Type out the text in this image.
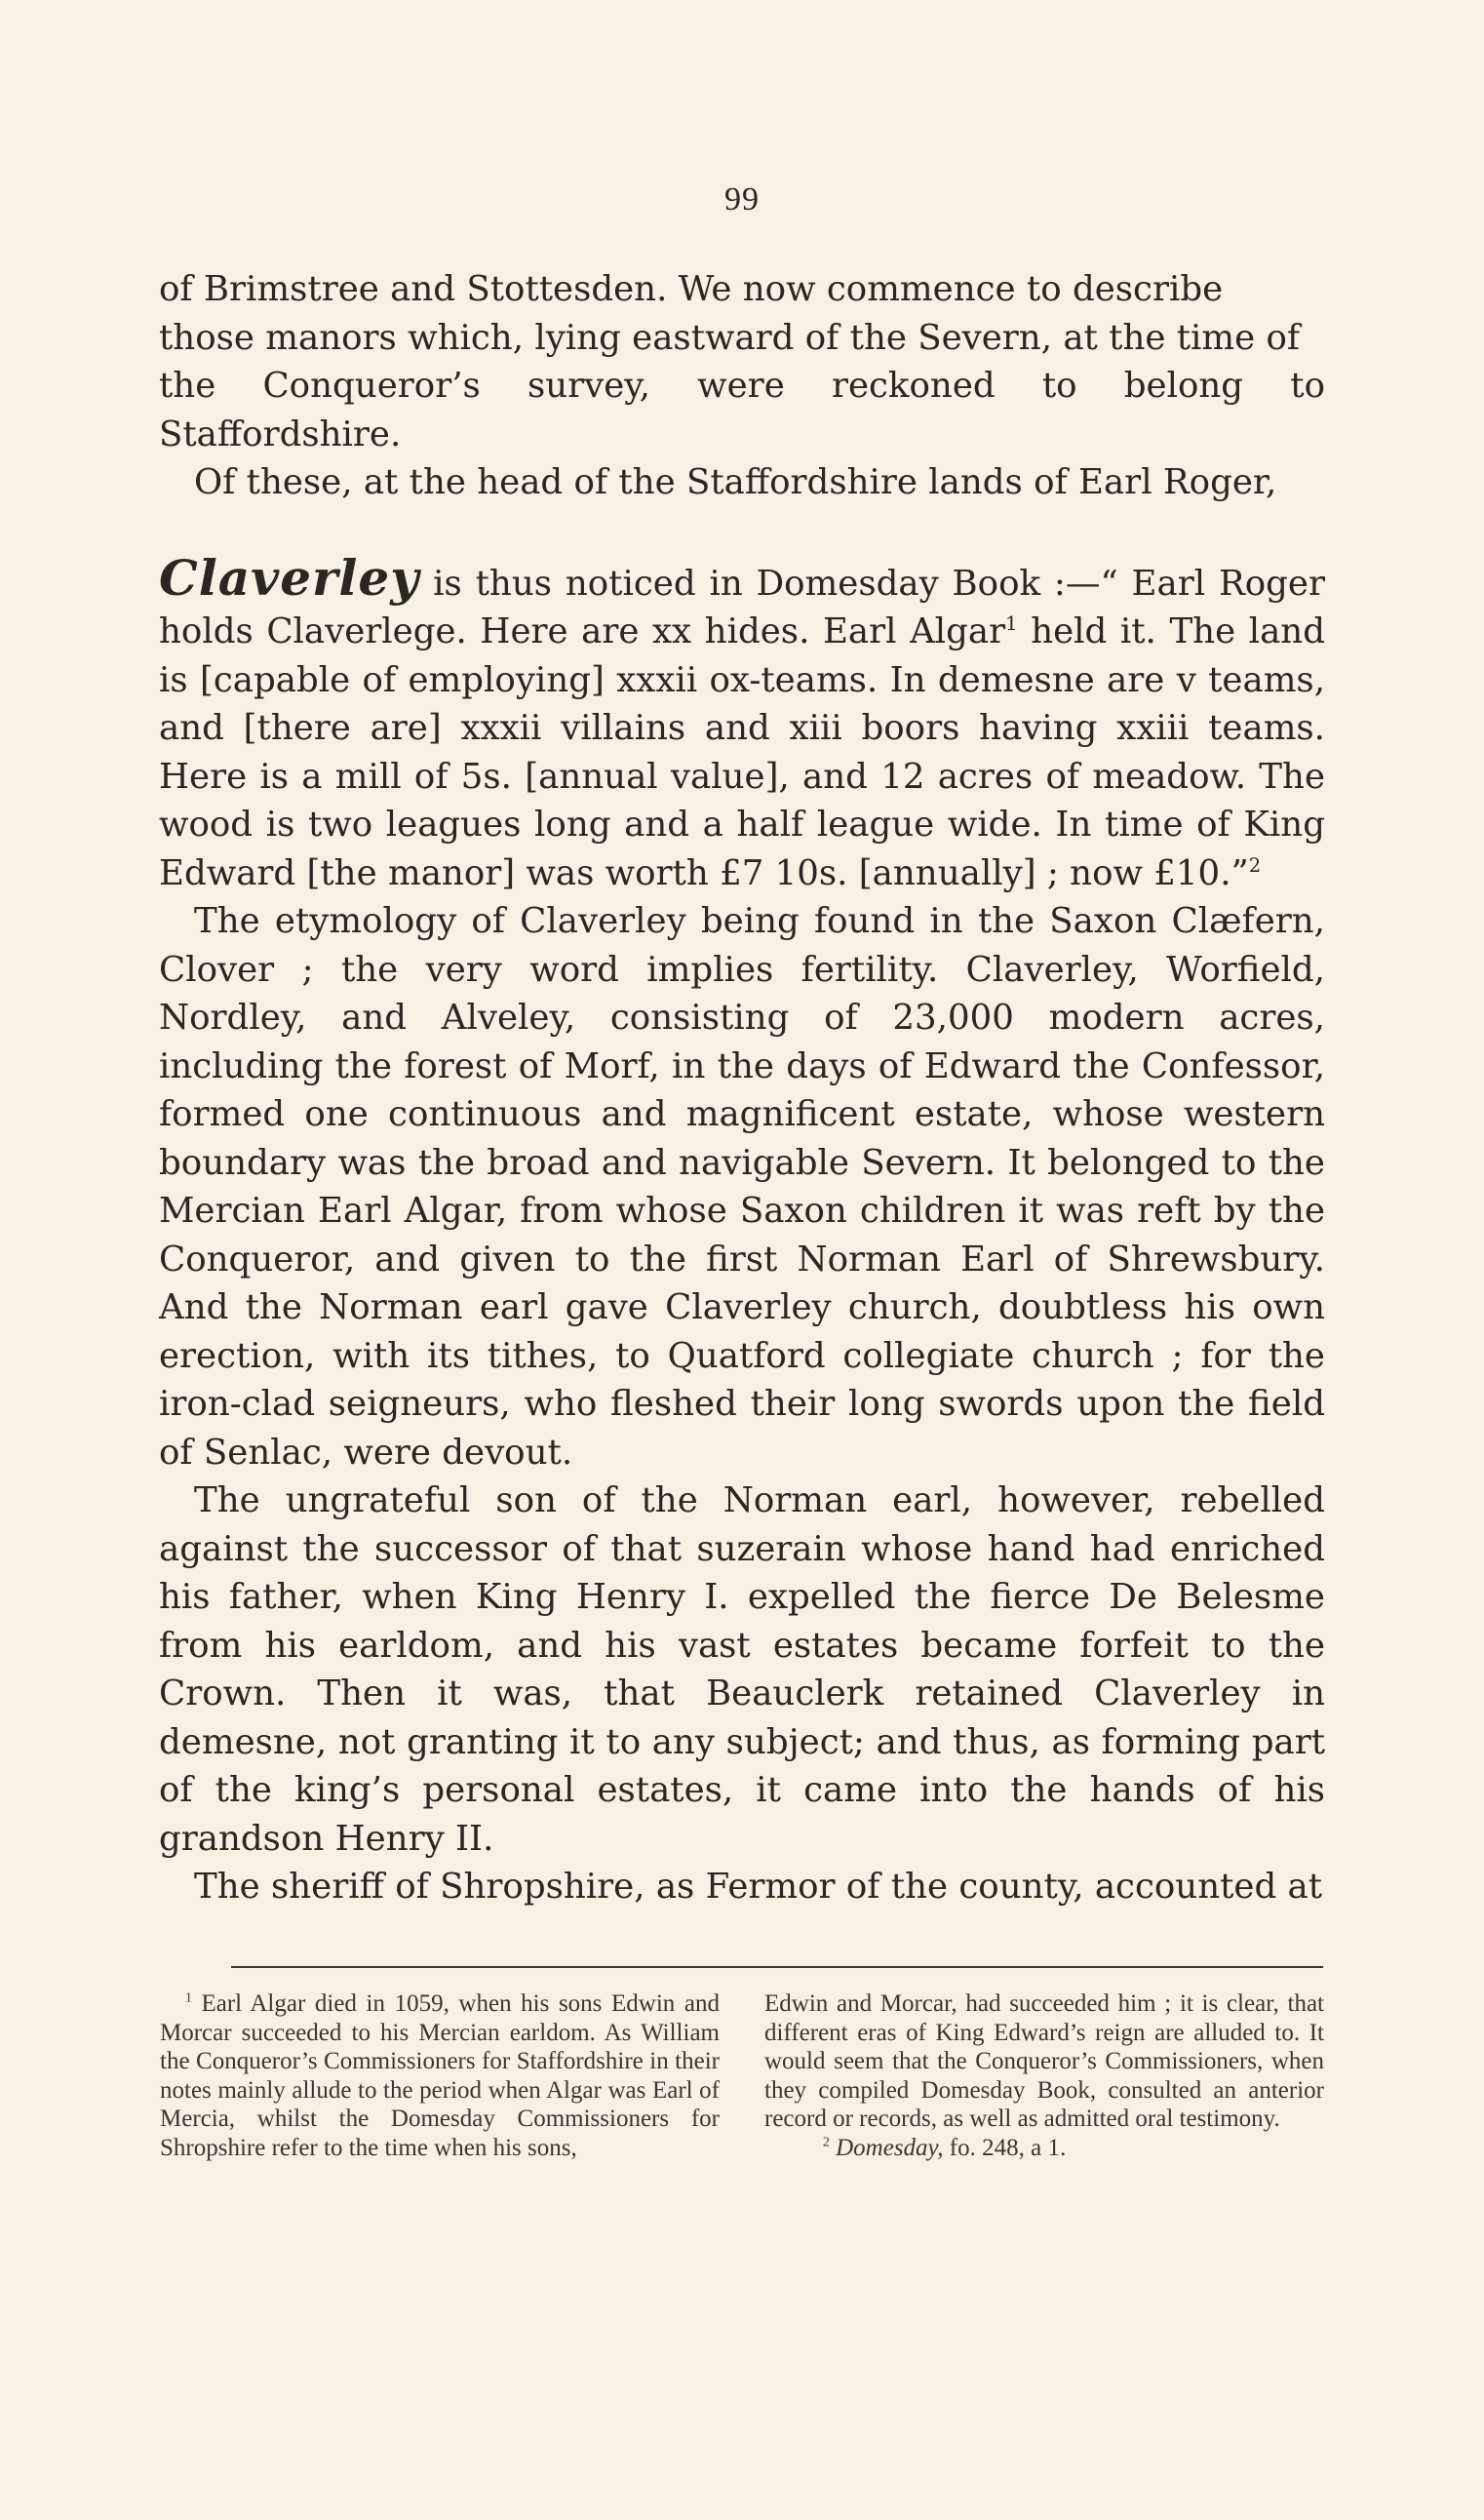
99

of Brimstree and Stottesden. We now commence to describe
those manors which, lying eastward of the Severn, at the time of
the Conqueror’s survey, were reckoned to belong to Staffordshire.

Of these, at the head of the Staffordshire lands of Earl Roger,

Claverley is thus noticed in Domesday Book :—“ Earl Roger holds Claverlege. Here are xx hides. Earl Algar$^1$ held it. The land is [capable of employing] xxxii ox-teams. In demesne are v teams, and [there are] xxxii villains and xiii boors having xxiii teams. Here is a mill of 5s. [annual value], and 12 acres of meadow. The wood is two leagues long and a half league wide. In time of King Edward [the manor] was worth £7 10s. [annually] ; now £10.”$^2$

The etymology of Claverley being found in the Saxon Clæfern, Clover ; the very word implies fertility. Claverley, Worfield, Nordley, and Alveley, consisting of 23,000 modern acres, including the forest of Morf, in the days of Edward the Confessor, formed one continuous and magnificent estate, whose western boundary was the broad and navigable Severn. It belonged to the Mercian Earl Algar, from whose Saxon children it was reft by the Conqueror, and given to the first Norman Earl of Shrewsbury. And the Norman earl gave Claverley church, doubtless his own erection, with its tithes, to Quatford collegiate church ; for the iron-clad seigneurs, who fleshed their long swords upon the field of Senlac, were devout.

The ungrateful son of the Norman earl, however, rebelled against the successor of that suzerain whose hand had enriched his father, when King Henry I. expelled the fierce De Belesme from his earldom, and his vast estates became forfeit to the Crown. Then it was, that Beauclerk retained Claverley in demesne, not granting it to any subject; and thus, as forming part of the king’s personal estates, it came into the hands of his grandson Henry II.

The sheriff of Shropshire, as Fermor of the county, accounted at

$^1$ Earl Algar died in 1059, when his sons Edwin and Morcar succeeded to his Mercian earldom. As William the Conqueror’s Commissioners for Staffordshire in their notes mainly allude to the period when Algar was Earl of Mercia, whilst the Domesday Commissioners for Shropshire refer to the time when his sons,

Edwin and Morcar, had succeeded him ; it is clear, that different eras of King Edward’s reign are alluded to. It would seem that the Conqueror’s Commissioners, when they compiled Domesday Book, consulted an anterior record or records, as well as admitted oral testimony.

$^2$ Domesday, fo. 248, a 1.
